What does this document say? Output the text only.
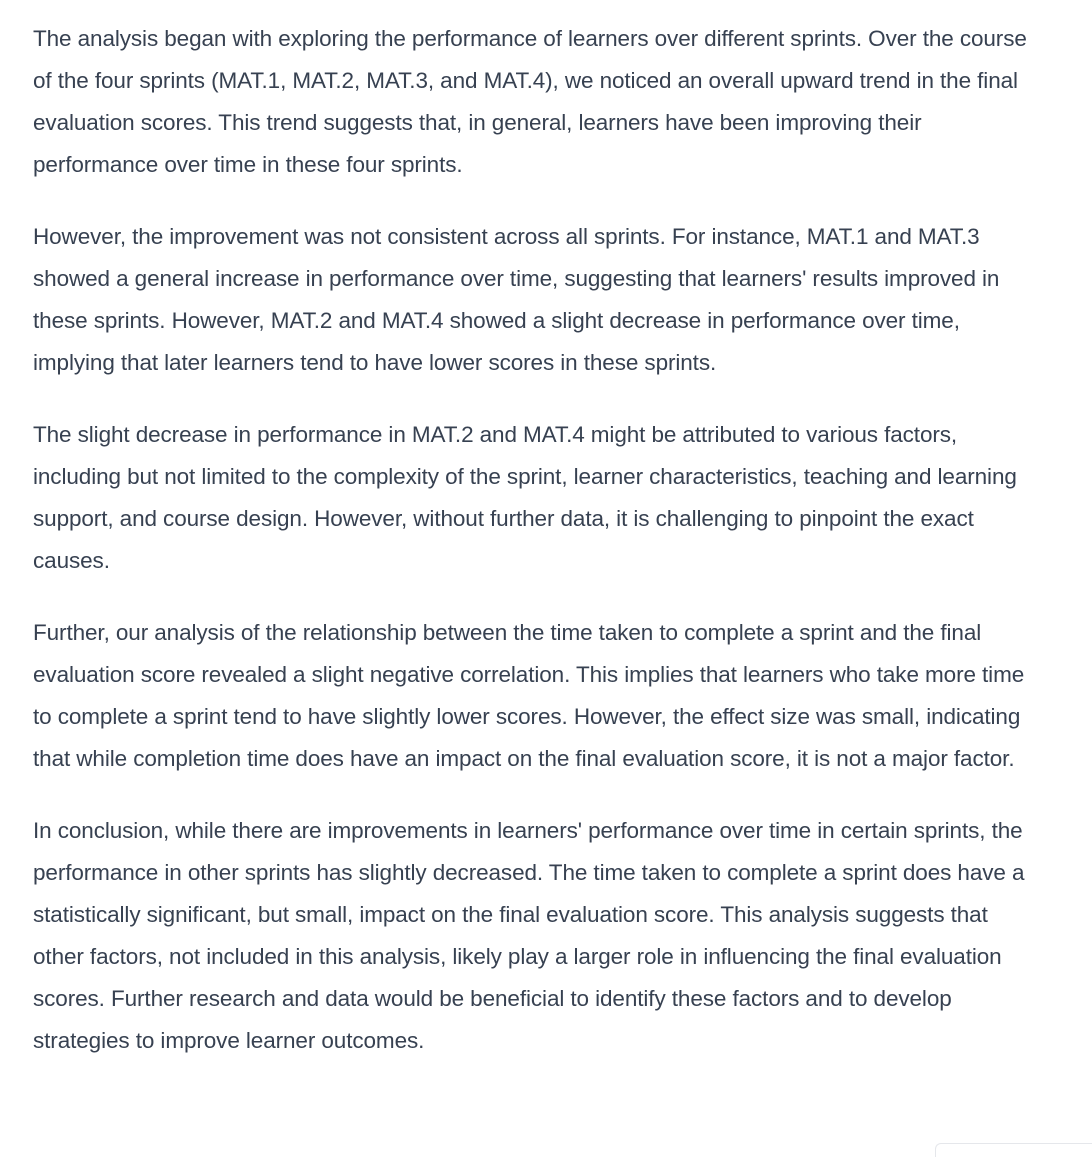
The analysis began with exploring the performance of learners over different sprints. Over the course of the four sprints (MAT.1, MAT.2, MAT.3, and MAT.4), we noticed an overall upward trend in the final evaluation scores. This trend suggests that, in general, learners have been improving their performance over time in these four sprints.

However, the improvement was not consistent across all sprints. For instance, MAT.1 and MAT.3 showed a general increase in performance over time, suggesting that learners' results improved in these sprints. However, MAT.2 and MAT.4 showed a slight decrease in performance over time, implying that later learners tend to have lower scores in these sprints.

The slight decrease in performance in MAT.2 and MAT.4 might be attributed to various factors, including but not limited to the complexity of the sprint, learner characteristics, teaching and learning support, and course design. However, without further data, it is challenging to pinpoint the exact causes.

Further, our analysis of the relationship between the time taken to complete a sprint and the final evaluation score revealed a slight negative correlation. This implies that learners who take more time to complete a sprint tend to have slightly lower scores. However, the effect size was small, indicating that while completion time does have an impact on the final evaluation score, it is not a major factor.

In conclusion, while there are improvements in learners' performance over time in certain sprints, the performance in other sprints has slightly decreased. The time taken to complete a sprint does have a statistically significant, but small, impact on the final evaluation score. This analysis suggests that other factors, not included in this analysis, likely play a larger role in influencing the final evaluation scores. Further research and data would be beneficial to identify these factors and to develop strategies to improve learner outcomes.
